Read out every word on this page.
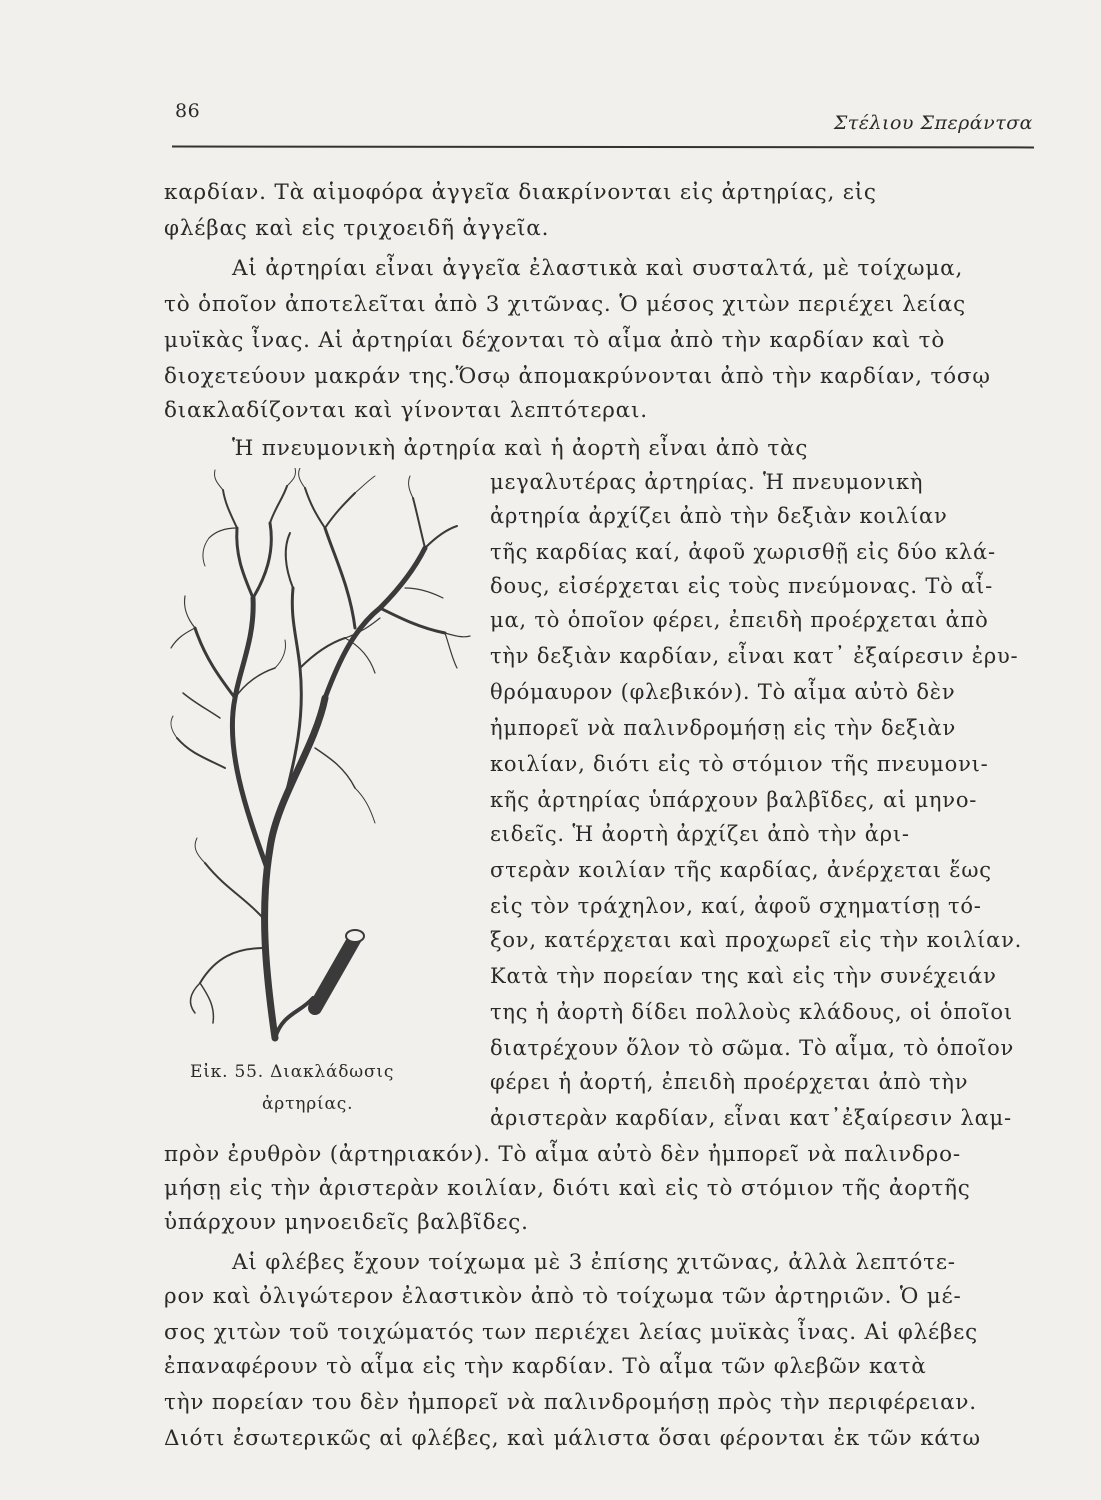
86
Στέλιου Σπεράντσα
καρδίαν. Τὰ αἱμοφόρα ἀγγεῖα διακρίνονται εἰς ἀρτηρίας, εἰς
φλέβας καὶ εἰς τριχοειδῆ ἀγγεῖα.
Αἱ ἀρτηρίαι εἶναι ἀγγεῖα ἐλαστικὰ καὶ συσταλτά, μὲ τοίχωμα,
τὸ ὁποῖον ἀποτελεῖται ἀπὸ 3 χιτῶνας. Ὁ μέσος χιτὼν περιέχει λείας
μυϊκὰς ἶνας. Αἱ ἀρτηρίαι δέχονται τὸ αἷμα ἀπὸ τὴν καρδίαν καὶ τὸ
διοχετεύουν μακράν της.Ὅσῳ ἀπομακρύνονται ἀπὸ τὴν καρδίαν, τόσῳ
διακλαδίζονται καὶ γίνονται λεπτότεραι.
Ἡ πνευμονικὴ ἀρτηρία καὶ ἡ ἀορτὴ εἶναι ἀπὸ τὰς
μεγαλυτέρας ἀρτηρίας. Ἡ πνευμονικὴ
ἀρτηρία ἀρχίζει ἀπὸ τὴν δεξιὰν κοιλίαν
τῆς καρδίας καί, ἀφοῦ χωρισθῇ εἰς δύο κλά-
δους, εἰσέρχεται εἰς τοὺς πνεύμονας. Τὸ αἷ-
μα, τὸ ὁποῖον φέρει, ἐπειδὴ προέρχεται ἀπὸ
τὴν δεξιὰν καρδίαν, εἶναι κατ᾽ ἐξαίρεσιν ἐρυ-
θρόμαυρον (φλεβικόν). Τὸ αἷμα αὐτὸ δὲν
ἠμπορεῖ νὰ παλινδρομήσῃ εἰς τὴν δεξιὰν
κοιλίαν, διότι εἰς τὸ στόμιον τῆς πνευμονι-
κῆς ἀρτηρίας ὑπάρχουν βαλβῖδες, αἱ μηνο-
ειδεῖς. Ἡ ἀορτὴ ἀρχίζει ἀπὸ τὴν ἀρι-
στερὰν κοιλίαν τῆς καρδίας, ἀνέρχεται ἕως
εἰς τὸν τράχηλον, καί, ἀφοῦ σχηματίσῃ τό-
ξον, κατέρχεται καὶ προχωρεῖ εἰς τὴν κοιλίαν.
Κατὰ τὴν πορείαν της καὶ εἰς τὴν συνέχειάν
της ἡ ἀορτὴ δίδει πολλοὺς κλάδους, οἱ ὁποῖοι
διατρέχουν ὅλον τὸ σῶμα. Τὸ αἷμα, τὸ ὁποῖον
φέρει ἡ ἀορτή, ἐπειδὴ προέρχεται ἀπὸ τὴν
ἀριστερὰν καρδίαν, εἶναι κατ᾽ἐξαίρεσιν λαμ-
Εἰκ. 55. Διακλάδωσις
ἀρτηρίας.
πρὸν ἐρυθρὸν (ἀρτηριακόν). Τὸ αἷμα αὐτὸ δὲν ἠμπορεῖ νὰ παλινδρο-
μήσῃ εἰς τὴν ἀριστερὰν κοιλίαν, διότι καὶ εἰς τὸ στόμιον τῆς ἀορτῆς
ὑπάρχουν μηνοειδεῖς βαλβῖδες.
Αἱ φλέβες ἔχουν τοίχωμα μὲ 3 ἐπίσης χιτῶνας, ἀλλὰ λεπτότε-
ρον καὶ ὀλιγώτερον ἐλαστικὸν ἀπὸ τὸ τοίχωμα τῶν ἀρτηριῶν. Ὁ μέ-
σος χιτὼν τοῦ τοιχώματός των περιέχει λείας μυϊκὰς ἶνας. Αἱ φλέβες
ἐπαναφέρουν τὸ αἷμα εἰς τὴν καρδίαν. Τὸ αἷμα τῶν φλεβῶν κατὰ
τὴν πορείαν του δὲν ἠμπορεῖ νὰ παλινδρομήσῃ πρὸς τὴν περιφέρειαν.
Διότι ἐσωτερικῶς αἱ φλέβες, καὶ μάλιστα ὅσαι φέρονται ἐκ τῶν κάτω
